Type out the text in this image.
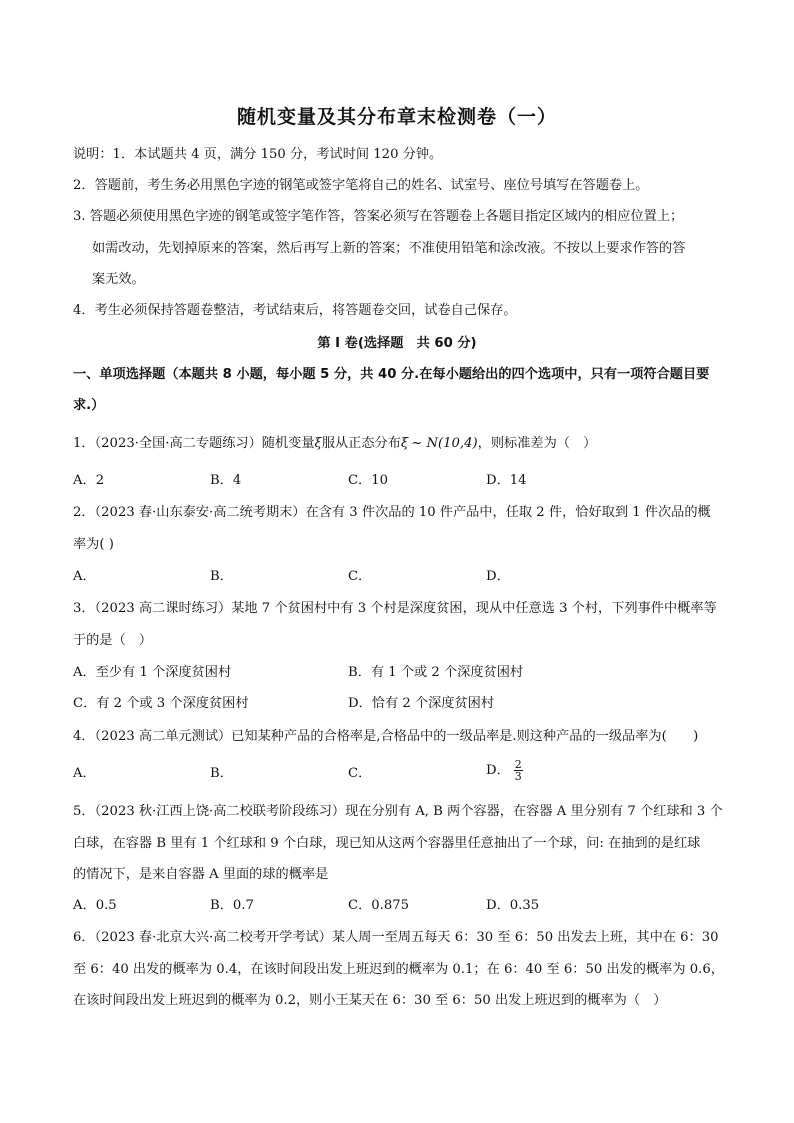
随机变量及其分布章末检测卷（一）
说明：1．本试题共 4 页，满分 150 分，考试时间 120 分钟。
2．答题前，考生务必用黑色字迹的钢笔或签字笔将自己的姓名、试室号、座位号填写在答题卷上。
3. 答题必须使用黑色字迹的钢笔或签字笔作答，答案必须写在答题卷上各题目指定区域内的相应位置上；
如需改动，先划掉原来的答案，然后再写上新的答案；不准使用铅笔和涂改液。不按以上要求作答的答
案无效。
4．考生必须保持答题卷整洁，考试结束后，将答题卷交回，试卷自己保存。
第 I 卷(选择题　共 60 分)
一、单项选择题（本题共 8 小题，每小题 5 分，共 40 分.在每小题给出的四个选项中，只有一项符合题目要
求.）
1．（2023·全国·高二专题练习）随机变量ξ服从正态分布ξ ~ N(10,4)，则标准差为（　）
A．2	B．4	C．10	D．14
2．（2023 春·山东泰安·高二统考期末）在含有 3 件次品的 10 件产品中，任取 2 件，恰好取到 1 件次品的概
率为( )
A．	B．	C．	D．
3．（2023 高二课时练习）某地 7 个贫困村中有 3 个村是深度贫困，现从中任意选 3 个村，下列事件中概率等
于的是（　）
A．至少有 1 个深度贫困村	B．有 1 个或 2 个深度贫困村
C．有 2 个或 3 个深度贫困村	D．恰有 2 个深度贫困村
4．（2023 高二单元测试）已知某种产品的合格率是,合格品中的一级品率是.则这种产品的一级品率为(　　)
A．	B．	C．	D． $\frac{2}{3}$
5．（2023 秋·江西上饶·高二校联考阶段练习）现在分别有 A, B 两个容器，在容器 A 里分别有 7 个红球和 3 个
白球，在容器 B 里有 1 个红球和 9 个白球，现已知从这两个容器里任意抽出了一个球，问: 在抽到的是红球
的情况下，是来自容器 A 里面的球的概率是
A．0.5	B．0.7	C．0.875	D．0.35
6．（2023 春·北京大兴·高二校考开学考试）某人周一至周五每天 6：30 至 6：50 出发去上班，其中在 6：30
至 6：40 出发的概率为 0.4，在该时间段出发上班迟到的概率为 0.1；在 6：40 至 6：50 出发的概率为 0.6，
在该时间段出发上班迟到的概率为 0.2，则小王某天在 6：30 至 6：50 出发上班迟到的概率为（　）
